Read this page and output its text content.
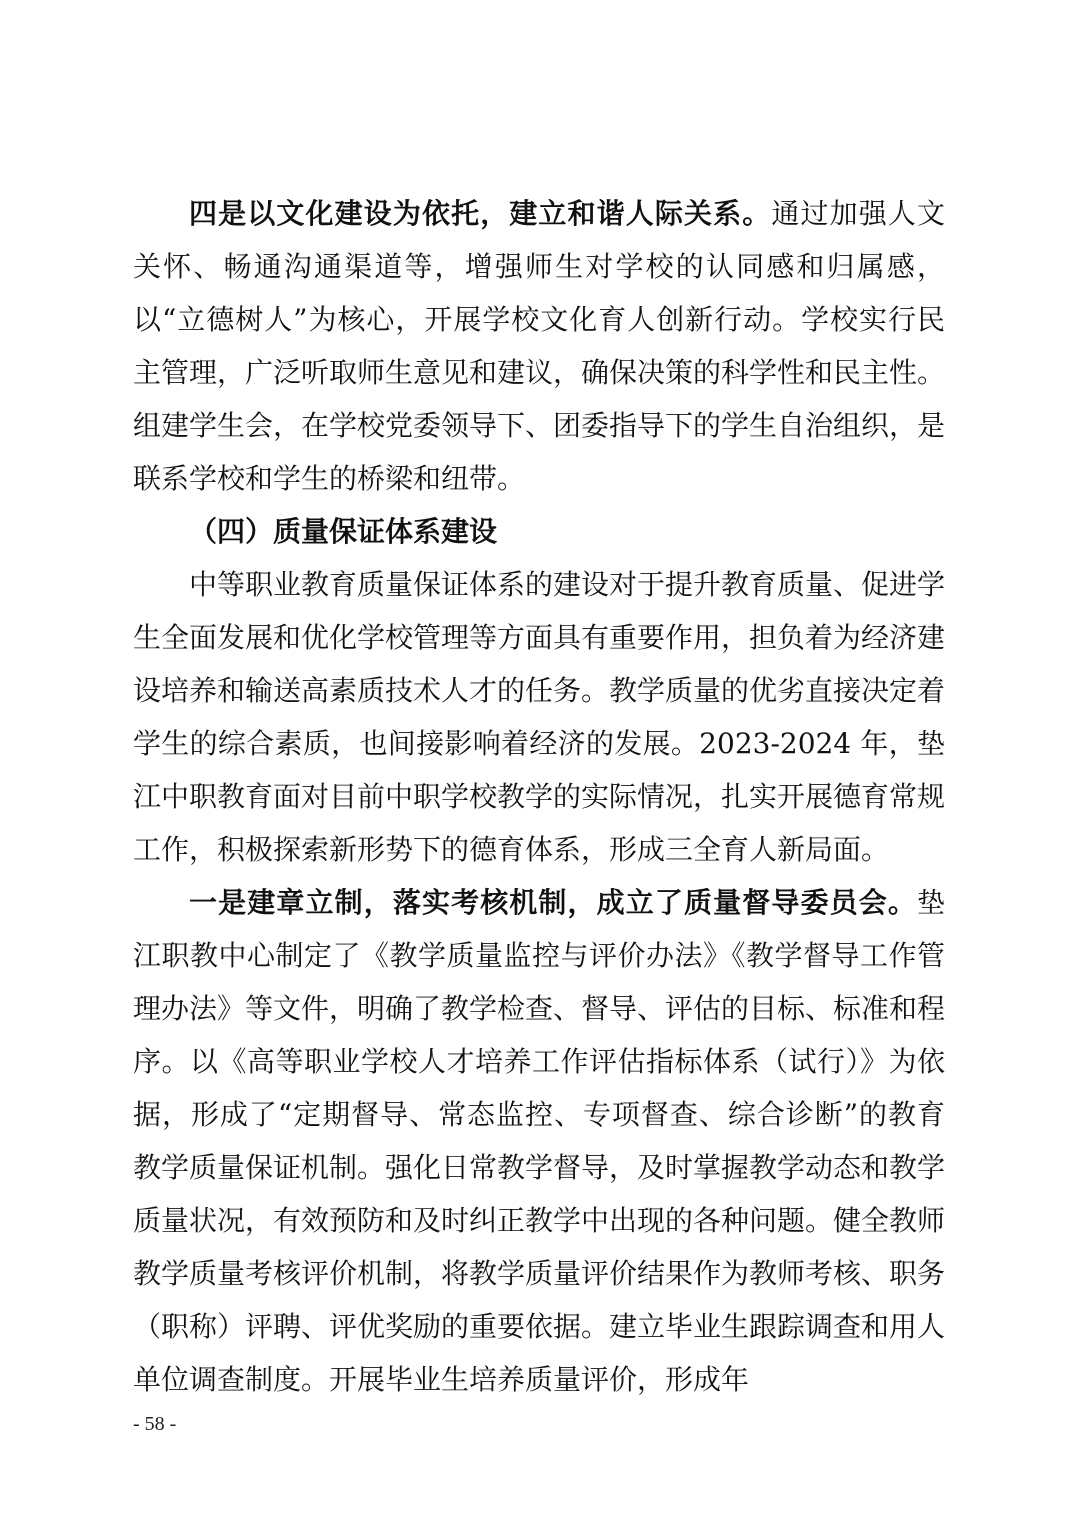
四是以文化建设为依托，建立和谐人际关系。通过加强人文关怀、畅通沟通渠道等，增强师生对学校的认同感和归属感，以“立德树人”为核心，开展学校文化育人创新行动。学校实行民主管理，广泛听取师生意见和建议，确保决策的科学性和民主性。组建学生会，在学校党委领导下、团委指导下的学生自治组织，是联系学校和学生的桥梁和纽带。

（四）质量保证体系建设

中等职业教育质量保证体系的建设对于提升教育质量、促进学生全面发展和优化学校管理等方面具有重要作用，担负着为经济建设培养和输送高素质技术人才的任务。教学质量的优劣直接决定着学生的综合素质，也间接影响着经济的发展。2023-2024 年，垫江中职教育面对目前中职学校教学的实际情况，扎实开展德育常规工作，积极探索新形势下的德育体系，形成三全育人新局面。

一是建章立制，落实考核机制，成立了质量督导委员会。垫江职教中心制定了《教学质量监控与评价办法》《教学督导工作管理办法》等文件，明确了教学检查、督导、评估的目标、标准和程序。以《高等职业学校人才培养工作评估指标体系（试行）》为依据，形成了“定期督导、常态监控、专项督查、综合诊断”的教育教学质量保证机制。强化日常教学督导，及时掌握教学动态和教学质量状况，有效预防和及时纠正教学中出现的各种问题。健全教师教学质量考核评价机制，将教学质量评价结果作为教师考核、职务（职称）评聘、评优奖励的重要依据。建立毕业生跟踪调查和用人单位调查制度。开展毕业生培养质量评价，形成年

- 58 -
